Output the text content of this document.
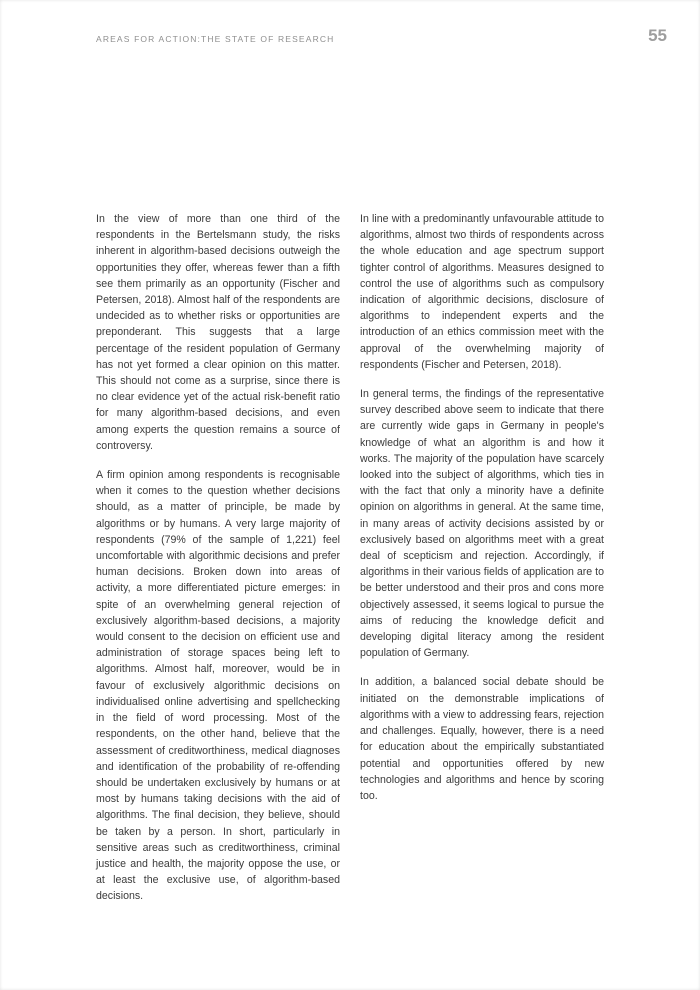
AREAS FOR ACTION:THE STATE OF RESEARCH	55

In the view of more than one third of the respondents in the Bertelsmann study, the risks inherent in algorithm-based decisions outweigh the opportunities they offer, whereas fewer than a fifth see them primarily as an opportunity (Fischer and Petersen, 2018). Almost half of the respondents are undecided as to whether risks or opportunities are preponderant. This suggests that a large percentage of the resident population of Germany has not yet formed a clear opinion on this matter. This should not come as a surprise, since there is no clear evidence yet of the actual risk-benefit ratio for many algorithm-based decisions, and even among experts the question remains a source of controversy.

A firm opinion among respondents is recognisable when it comes to the question whether decisions should, as a matter of principle, be made by algorithms or by humans. A very large majority of respondents (79% of the sample of 1,221) feel uncomfortable with algorithmic decisions and prefer human decisions. Broken down into areas of activity, a more differentiated picture emerges: in spite of an overwhelming general rejection of exclusively algorithm-based decisions, a majority would consent to the decision on efficient use and administration of storage spaces being left to algorithms. Almost half, moreover, would be in favour of exclusively algorithmic decisions on individualised online advertising and spellchecking in the field of word processing. Most of the respondents, on the other hand, believe that the assessment of creditworthiness, medical diagnoses and identification of the probability of re-offending should be undertaken exclusively by humans or at most by humans taking decisions with the aid of algorithms. The final decision, they believe, should be taken by a person. In short, particularly in sensitive areas such as creditworthiness, criminal justice and health, the majority oppose the use, or at least the exclusive use, of algorithm-based decisions.

In line with a predominantly unfavourable attitude to algorithms, almost two thirds of respondents across the whole education and age spectrum support tighter control of algorithms. Measures designed to control the use of algorithms such as compulsory indication of algorithmic decisions, disclosure of algorithms to independent experts and the introduction of an ethics commission meet with the approval of the overwhelming majority of respondents (Fischer and Petersen, 2018).

In general terms, the findings of the representative survey described above seem to indicate that there are currently wide gaps in Germany in people's knowledge of what an algorithm is and how it works. The majority of the population have scarcely looked into the subject of algorithms, which ties in with the fact that only a minority have a definite opinion on algorithms in general. At the same time, in many areas of activity decisions assisted by or exclusively based on algorithms meet with a great deal of scepticism and rejection. Accordingly, if algorithms in their various fields of application are to be better understood and their pros and cons more objectively assessed, it seems logical to pursue the aims of reducing the knowledge deficit and developing digital literacy among the resident population of Germany.

In addition, a balanced social debate should be initiated on the demonstrable implications of algorithms with a view to addressing fears, rejection and challenges. Equally, however, there is a need for education about the empirically substantiated potential and opportunities offered by new technologies and algorithms and hence by scoring too.
